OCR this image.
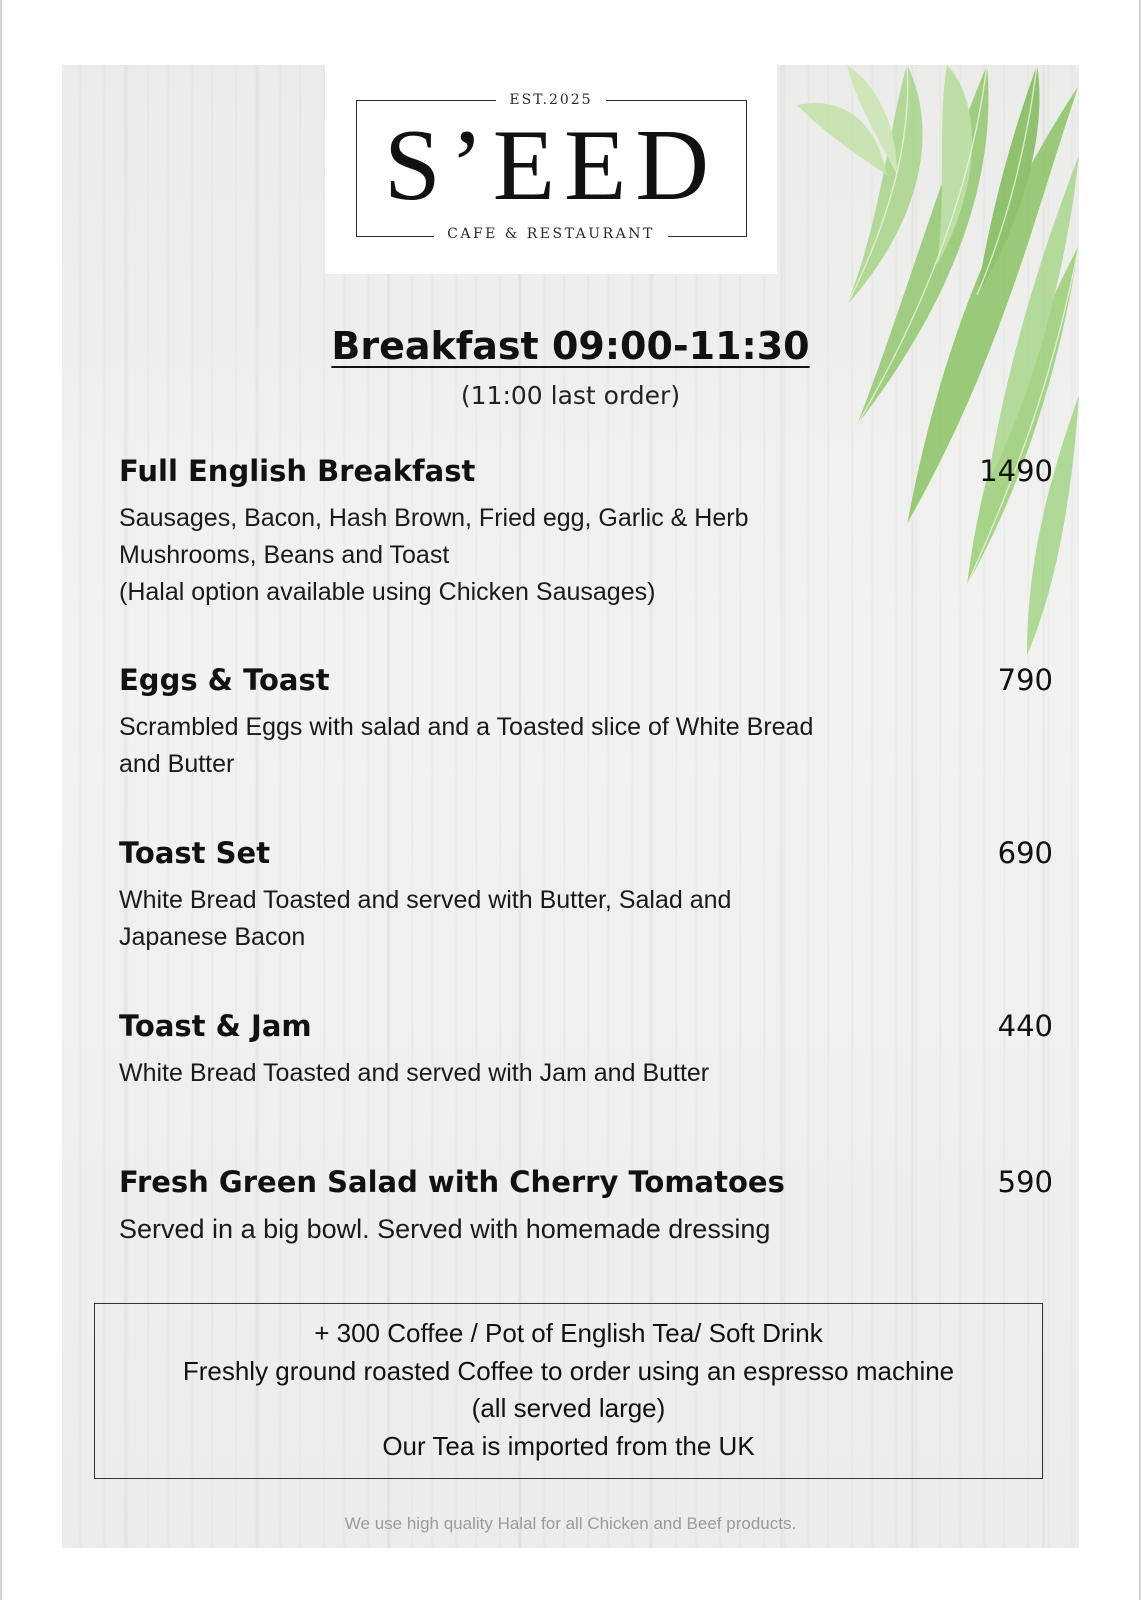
EST.2025
S’EED
CAFE & RESTAURANT
Breakfast 09:00-11:30
(11:00 last order)
Full English Breakfast	1490
Sausages, Bacon, Hash Brown, Fried egg, Garlic & Herb
Mushrooms, Beans and Toast
(Halal option available using Chicken Sausages)
Eggs & Toast	790
Scrambled Eggs with salad and a Toasted slice of White Bread
and Butter
Toast Set	690
White Bread Toasted and served with Butter, Salad and
Japanese Bacon
Toast & Jam	440
White Bread Toasted and served with Jam and Butter
Fresh Green Salad with Cherry Tomatoes	590
Served in a big bowl. Served with homemade dressing
+ 300 Coffee / Pot of English Tea/ Soft Drink
Freshly ground roasted Coffee to order using an espresso machine
(all served large)
Our Tea is imported from the UK
We use high quality Halal for all Chicken and Beef products.
